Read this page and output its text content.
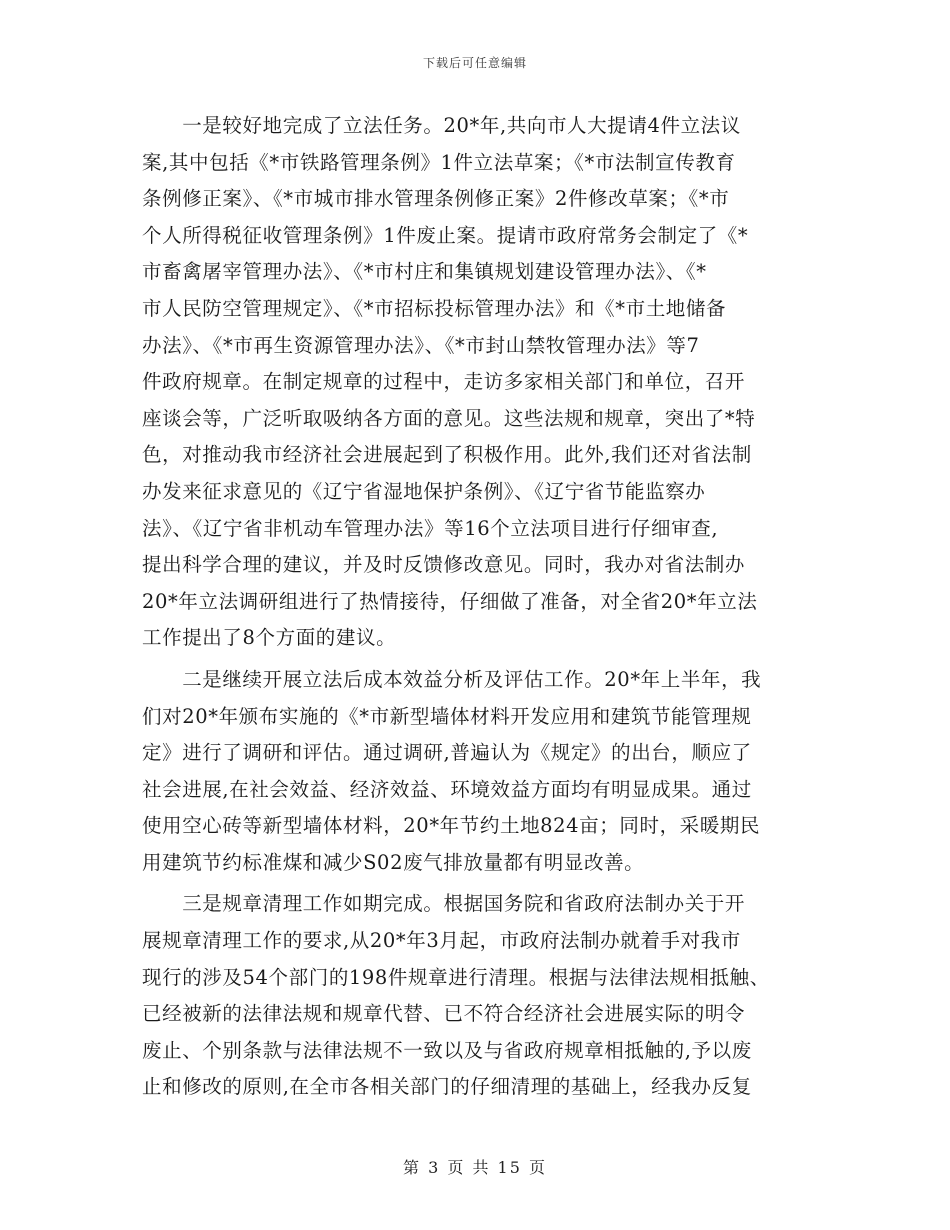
下载后可任意编辑
　　一是较好地完成了立法任务。20*年,共向市人大提请4件立法议
案,其中包括《*市铁路管理条例》1件立法草案；《*市法制宣传教育
条例修正案》、《*市城市排水管理条例修正案》2件修改草案；《*市
个人所得税征收管理条例》1件废止案。提请市政府常务会制定了《*
市畜禽屠宰管理办法》、《*市村庄和集镇规划建设管理办法》、《*
市人民防空管理规定》、《*市招标投标管理办法》和《*市土地储备
办法》、《*市再生资源管理办法》、《*市封山禁牧管理办法》等7
件政府规章。在制定规章的过程中，走访多家相关部门和单位，召开
座谈会等，广泛听取吸纳各方面的意见。这些法规和规章，突出了*特
色，对推动我市经济社会进展起到了积极作用。此外,我们还对省法制
办发来征求意见的《辽宁省湿地保护条例》、《辽宁省节能监察办
法》、《辽宁省非机动车管理办法》等16个立法项目进行仔细审查,
提出科学合理的建议，并及时反馈修改意见。同时，我办对省法制办
20*年立法调研组进行了热情接待，仔细做了准备，对全省20*年立法
工作提出了8个方面的建议。
　　二是继续开展立法后成本效益分析及评估工作。20*年上半年，我
们对20*年颁布实施的《*市新型墙体材料开发应用和建筑节能管理规
定》进行了调研和评估。通过调研,普遍认为《规定》的出台，顺应了
社会进展,在社会效益、经济效益、环境效益方面均有明显成果。通过
使用空心砖等新型墙体材料，20*年节约土地824亩；同时，采暖期民
用建筑节约标准煤和减少S02废气排放量都有明显改善。
　　三是规章清理工作如期完成。根据国务院和省政府法制办关于开
展规章清理工作的要求,从20*年3月起，市政府法制办就着手对我市
现行的涉及54个部门的198件规章进行清理。根据与法律法规相抵触、
已经被新的法律法规和规章代替、已不符合经济社会进展实际的明令
废止、个别条款与法律法规不一致以及与省政府规章相抵触的,予以废
止和修改的原则,在全市各相关部门的仔细清理的基础上，经我办反复
第 3 页 共 15 页
